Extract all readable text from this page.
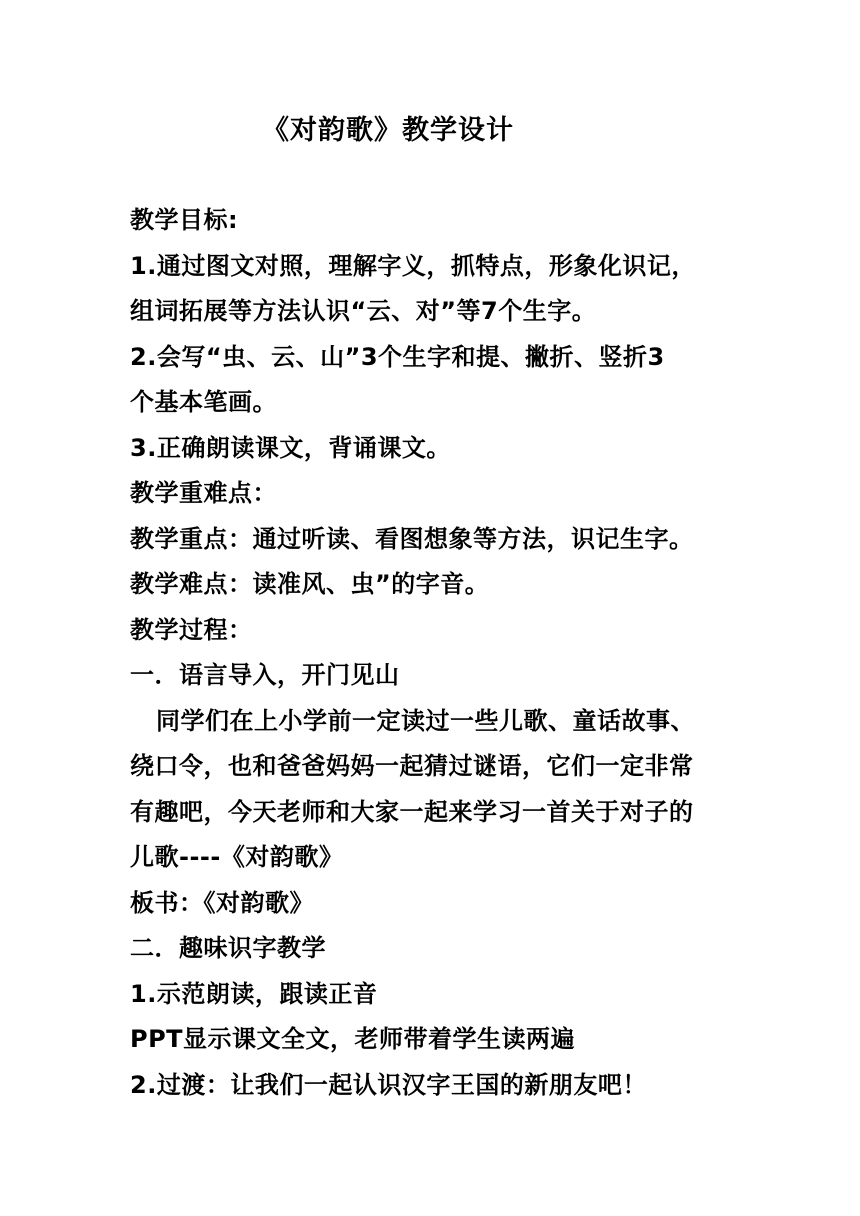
《对韵歌》教学设计
教学目标:
1.通过图文对照，理解字义，抓特点，形象化识记，
组词拓展等方法认识“云、对”等7个生字。
2.会写“虫、云、山”3个生字和提、撇折、竖折3
个基本笔画。
3.正确朗读课文，背诵课文。
教学重难点：
教学重点：通过听读、看图想象等方法，识记生字。
教学难点：读准风、虫”的字音。
教学过程：
一．语言导入，开门见山
同学们在上小学前一定读过一些儿歌、童话故事、
绕口令，也和爸爸妈妈一起猜过谜语，它们一定非常
有趣吧，今天老师和大家一起来学习一首关于对子的
儿歌----《对韵歌》
板书：《对韵歌》
二．趣味识字教学
1.示范朗读，跟读正音
PPT显示课文全文，老师带着学生读两遍
2.过渡：让我们一起认识汉字王国的新朋友吧！
